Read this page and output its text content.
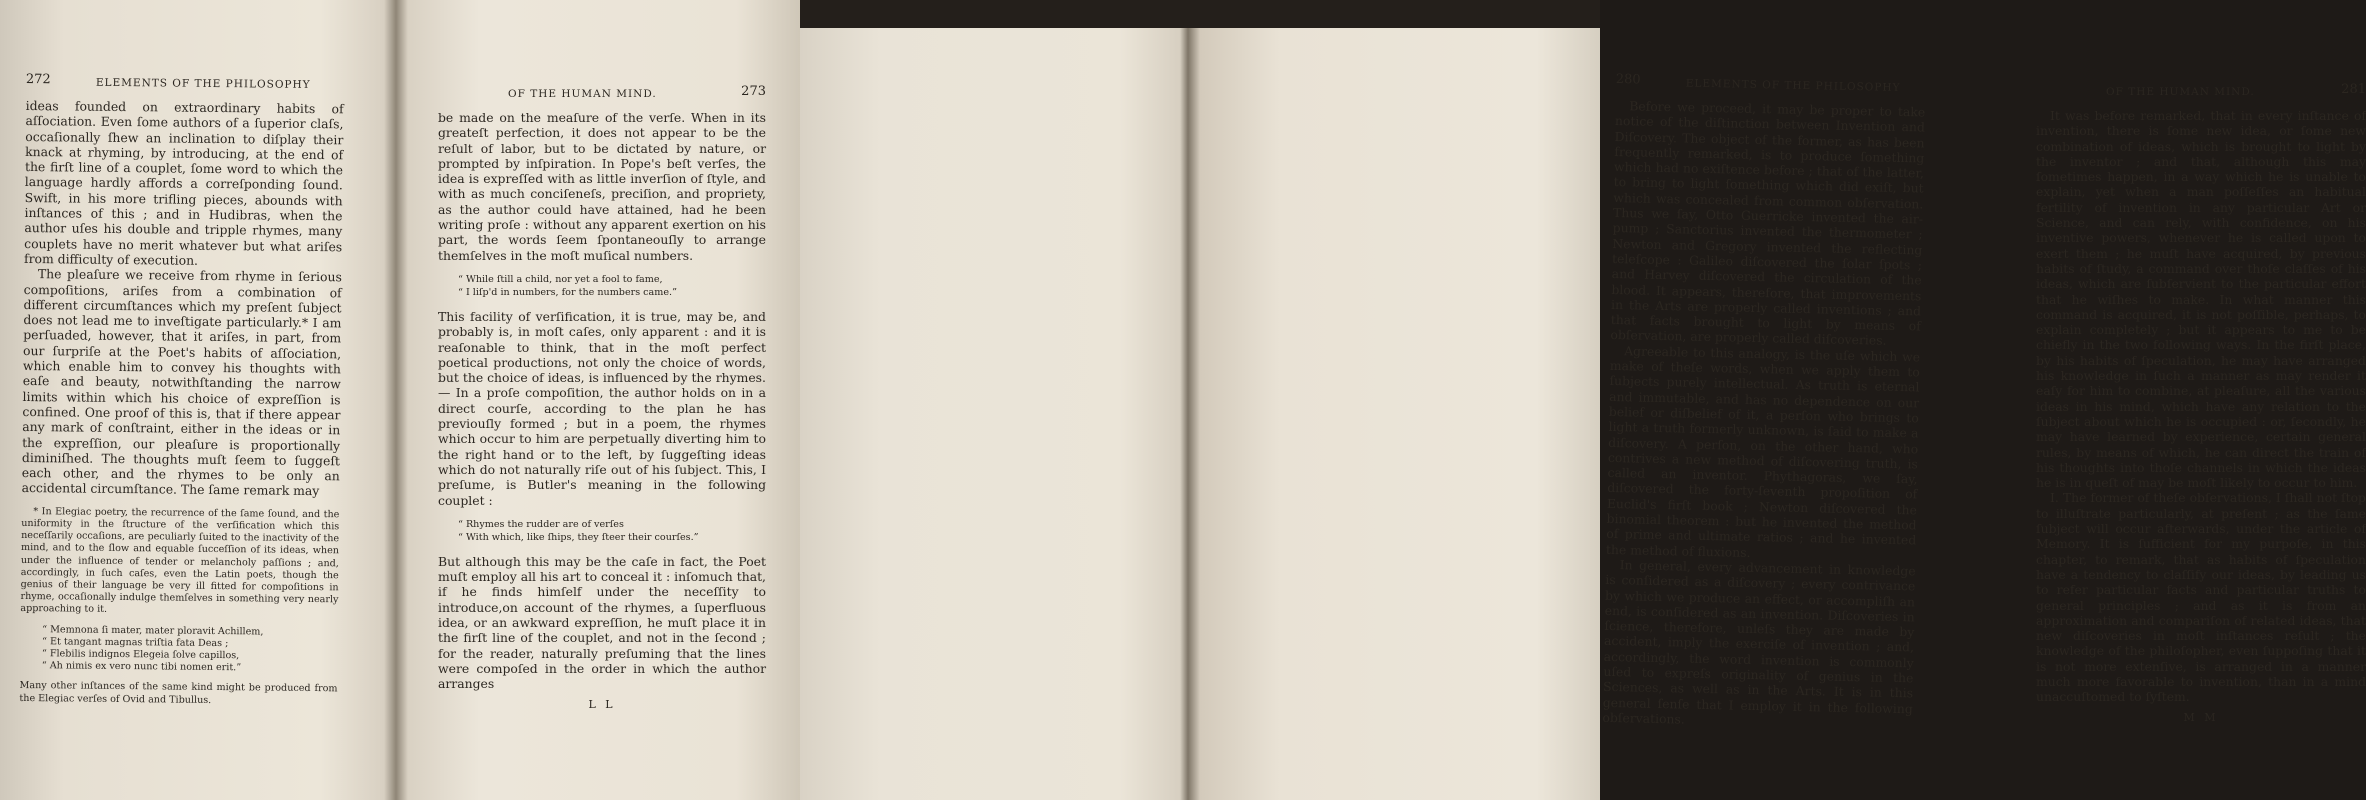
272	ELEMENTS OF THE PHILOSOPHY

ideas founded on extraordinary habits of aſſociation. Even ſome authors of a ſuperior claſs, occaſionally ſhew an inclination to diſplay their knack at rhyming, by introducing, at the end of the firſt line of a couplet, ſome word to which the language hardly affords a correſponding ſound. Swift, in his more trifling pieces, abounds with inſtances of this ; and in Hudibras, when the author uſes his double and tripple rhymes, many couplets have no merit whatever but what ariſes from difficulty of execution.

The pleaſure we receive from rhyme in ſerious compoſitions, ariſes from a combination of different circumſtances which my preſent ſubject does not lead me to inveſtigate particularly.* I am perſuaded, however, that it ariſes, in part, from our ſurpriſe at the Poet's habits of aſſociation, which enable him to convey his thoughts with eaſe and beauty, notwithſtanding the narrow limits within which his choice of expreſſion is confined. One proof of this is, that if there appear any mark of conſtraint, either in the ideas or in the expreſſion, our pleaſure is proportionally diminiſhed. The thoughts muſt ſeem to ſuggeſt each other, and the rhymes to be only an accidental circumſtance. The ſame remark may

* In Elegiac poetry, the recurrence of the ſame ſound, and the uniformity in the ſtructure of the verſification which this neceſſarily occaſions, are peculiarly ſuited to the inactivity of the mind, and to the ſlow and equable ſucceſſion of its ideas, when under the influence of tender or melancholy paſſions ; and, accordingly, in ſuch caſes, even the Latin poets, though the genius of their language be very ill fitted for compoſitions in rhyme, occaſionally indulge themſelves in something very nearly approaching to it.

“ Memnona ſi mater, mater ploravit Achillem,
“ Et tangant magnas triſtia fata Deas ;
“ Flebilis indignos Elegeia ſolve capillos,
“ Ah nimis ex vero nunc tibi nomen erit.”

Many other inſtances of the same kind might be produced from the Elegiac verſes of Ovid and Tibullus.

OF THE HUMAN MIND.	273

be made on the meaſure of the verſe. When in its greateſt perfection, it does not appear to be the reſult of labor, but to be dictated by nature, or prompted by inſpiration. In Pope's beſt verſes, the idea is expreſſed with as little inverſion of ſtyle, and with as much conciſeneſs, preciſion, and propriety, as the author could have attained, had he been writing proſe : without any apparent exertion on his part, the words ſeem ſpontaneouſly to arrange themſelves in the moſt muſical numbers.

“ While ſtill a child, nor yet a fool to fame,
“ I liſp'd in numbers, for the numbers came.”

This facility of verſification, it is true, may be, and probably is, in moſt caſes, only apparent : and it is reaſonable to think, that in the moſt perfect poetical productions, not only the choice of words, but the choice of ideas, is influenced by the rhymes.— In a proſe compoſition, the author holds on in a direct courſe, according to the plan he has previouſly formed ; but in a poem, the rhymes which occur to him are perpetually diverting him to the right hand or to the left, by ſuggeſting ideas which do not naturally riſe out of his ſubject. This, I preſume, is Butler's meaning in the following couplet :

“ Rhymes the rudder are of verſes
“ With which, like ſhips, they ſteer their courſes.”

But although this may be the caſe in fact, the Poet muſt employ all his art to conceal it : inſomuch that, if he finds himſelf under the neceſſity to introduce,on account of the rhymes, a ſuperfluous idea, or an awkward expreſſion, he muſt place it in the firſt line of the couplet, and not in the ſecond ; for the reader, naturally preſuming that the lines were compoſed in the order in which the author arranges

L L
280	ELEMENTS OF THE PHILOSOPHY

Before we proceed, it may be proper to take notice of the diſtinction between Invention and Diſcovery. The object of the former, as has been frequently remarked, is to produce ſomething which had no exiſtence before ; that of the latter, to bring to light ſomething which did exiſt, but which was concealed from common obſervation. Thus we ſay, Otto Guerricke invented the air-pump ; Sanctorius invented the thermometer ; Newton and Gregory invented the reflecting teleſcope : Galileo diſcovered the ſolar ſpots ; and Harvey diſcovered the circulation of the blood. It appears, therefore, that improvements in the Arts are properly called inventions ; and that facts brought to light by means of obſervation, are properly called diſcoveries.

Agreeable to this analogy, is the uſe which we make of theſe words, when we apply them to ſubjects purely intellectual. As truth is eternal and immutable, and has no dependence on our belief or diſbelief of it, a perſon who brings to light a truth formerly unknown, is ſaid to make a diſcovery. A perſon, on the other hand, who contrives a new method of diſcovering truth, is called an inventor. Phythagoras, we ſay, diſcovered the forty-ſeventh propoſition of Euclid's firſt book ; Newton diſcovered the binomial theorem : but he invented the method of prime and ultimate ratios ; and he invented the method of fluxions.

In general, every advancement in knowledge is conſidered as a diſcovery ; every contrivance by which we produce an effect, or accompliſh an end, is conſidered as an invention. Diſcoveries in ſcience, therefore, unleſs they are made by accident, imply the exerciſe of invention ; and, accordingly, the word invention is commonly uſed to expreſs originality of genius in the Sciences, as well as in the Arts. It is in this general ſenſe that I employ it in the following obſervations.

OF THE HUMAN MIND.	281

It was before remarked, that in every inſtance of invention, there is ſome new idea, or ſome new combination of ideas, which is brought to light by the inventor ; and that, although this may ſometimes happen, in a way which he is unable to explain, yet when a man poſſeſſes an habitual fertility of invention in any particular Art or Science, and can rely, with confidence, on his inventive powers, whenever he is called upon to exert them ; he muſt have acquired, by previous habits of ſtudy, a command over thoſe claſſes of his ideas, which are ſubſervient to the particular effort that he wiſhes to make. In what manner this command is acquired, it is not poſſible, perhaps, to explain completely ; but it appears to me to be chiefly in the two following ways. In the firſt place, by his habits of ſpeculation, he may have arranged his knowledge in ſuch a manner as may render it eaſy for him to combine, at pleaſure, all the various ideas in his mind, which have any relation to the ſubject about which he is occupied : or, ſecondly, he may have learned by experience, certain general rules, by means of which, he can direct the train of his thoughts into thoſe channels in which the ideas he is in queſt of may be moſt likely to occur to him.

I. The former of theſe obſervations, I ſhall not ſtop to illuſtrate particularly, at preſent ; as the ſame ſubject will occur afterwards, under the article of Memory. It is ſufficient for my purpoſe, in this chapter, to remark, that as habits of ſpeculation have a tendency to claſſify our ideas, by leading us to refer particular facts and particular truths to general principles ; and as it is from an approximation and compariſon of related ideas, that new diſcoveries in moſt inſtances reſult ; the knowledge of the philoſopher, even ſuppoſing that it is not more extenſive, is arranged in a manner much more favorable to invention, than in a mind unaccuſtomed to ſyſtem.

M M
